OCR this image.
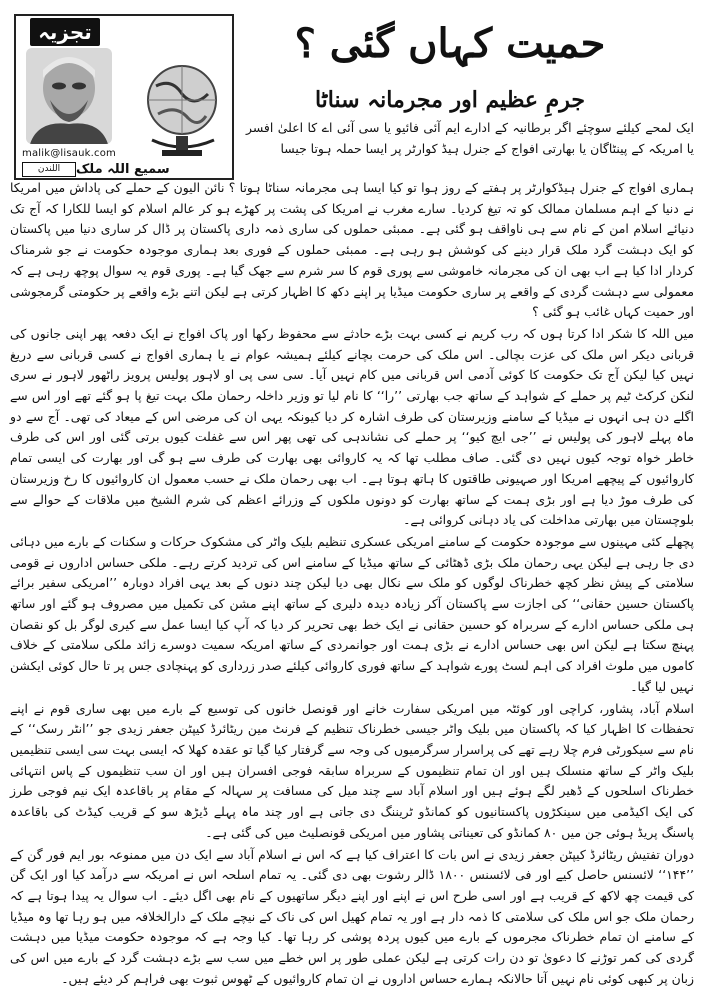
تجزیہ
malik@lisauk.com
اللندن	سمیع اللہ ملک
حمیت کہاں گئی ؟
جرمِ عظیم اور مجرمانہ سناٹا

ایک لمحے کیلئے سوچئے اگر برطانیہ کے ادارے ایم آئی فائیو یا سی آئی اے کا اعلیٰ افسر یا امریکہ کے پینٹاگان یا بھارتی افواج کے جنرل ہیڈ کوارٹر پر ایسا حملہ ہوتا جیسا

ہماری افواج کے جنرل ہیڈکوارٹر پر ہفتے کے روز ہوا تو کیا ایسا ہی مجرمانہ سناٹا ہوتا ؟ نائن الیون کے حملے کی پاداش میں امریکا نے دنیا کے اہم مسلمان ممالک کو تہ تیغ کردیا۔ سارے مغرب نے امریکا کی پشت پر کھڑے ہو کر عالم اسلام کو ایسا للکارا کہ آج تک دنیائے اسلام امن کے نام سے ہی ناواقف ہو گئی ہے۔ ممبئی حملوں کی ساری ذمہ داری پاکستان پر ڈال کر ساری دنیا میں پاکستان کو ایک دہشت گرد ملک قرار دینے کی کوشش ہو رہی ہے۔ ممبئی حملوں کے فوری بعد ہماری موجودہ حکومت نے جو شرمناک کردار ادا کیا ہے اب بھی ان کی مجرمانہ خاموشی سے پوری قوم کا سر شرم سے جھک گیا ہے۔ پوری قوم یہ سوال پوچھ رہی ہے کہ معمولی سے دہشت گردی کے واقعے پر ساری حکومت میڈیا پر اپنے دکھ کا اظہار کرتی ہے لیکن اتنے بڑے واقعے پر حکومتی گرمجوشی اور حمیت کہاں غائب ہو گئی ؟

میں اللہ کا شکر ادا کرتا ہوں کہ رب کریم نے کسی بہت بڑے حادثے سے محفوظ رکھا اور پاک افواج نے ایک دفعہ پھر اپنی جانوں کی قربانی دیکر اس ملک کی عزت بچالی۔ اس ملک کی حرمت بچانے کیلئے ہمیشہ عوام نے یا ہماری افواج نے کسی قربانی سے دریغ نہیں کیا لیکن آج تک حکومت کا کوئی آدمی اس قربانی میں کام نہیں آیا۔ سی سی پی او لاہور پولیس پرویز راٹھور لاہور نے سری لنکن کرکٹ ٹیم پر حملے کے شواہد کے ساتھ جب بھارتی ’’را‘‘ کا نام لیا تو وزیر داخلہ رحمان ملک بہت تیغ پا ہو گئے تھے اور اس سے اگلے دن ہی انہوں نے میڈیا کے سامنے وزیرستان کی طرف اشارہ کر دیا کیونکہ یہی ان کی مرضی اس کے میعاد کی تھی۔ آج سے دو ماہ پہلے لاہور کی پولیس نے ’’جی ایچ کیو‘‘ پر حملے کی نشاندہی کی تھی پھر اس سے غفلت کیوں برتی گئی اور اس کی طرف خاطر خواہ توجہ کیوں نہیں دی گئی۔ صاف مطلب تھا کہ یہ کاروائی بھی بھارت کی طرف سے ہو گی اور بھارت کی ایسی تمام کاروائیوں کے پیچھے امریکا اور صہیونی طاقتوں کا ہاتھ ہوتا ہے۔ اب بھی رحمان ملک نے حسب معمول ان کاروائیوں کا رخ وزیرستان کی طرف موڑ دیا ہے اور بڑی ہمت کے ساتھ بھارت کو دونوں ملکوں کے وزرائے اعظم کی شرم الشیخ میں ملاقات کے حوالے سے بلوچستان میں بھارتی مداخلت کی یاد دہانی کروائی ہے۔

پچھلے کئی مہینوں سے موجودہ حکومت کے سامنے امریکی عسکری تنظیم بلیک واٹر کی مشکوک حرکات و سکنات کے بارے میں دہائی دی جا رہی ہے لیکن یہی رحمان ملک بڑی ڈھٹائی کے ساتھ میڈیا کے سامنے اس کی تردید کرتے رہے۔ ملکی حساس اداروں نے قومی سلامتی کے پیش نظر کچھ خطرناک لوگوں کو ملک سے نکال بھی دیا لیکن چند دنوں کے بعد یہی افراد دوبارہ ’’امریکی سفیر برائے پاکستان حسین حقانی‘‘ کی اجازت سے پاکستان آکر زیادہ دیدہ دلیری کے ساتھ اپنے مشن کی تکمیل میں مصروف ہو گئے اور ساتھ ہی ملکی حساس ادارے کے سربراہ کو حسین حقانی نے ایک خط بھی تحریر کر دیا کہ آپ کیا ایسا عمل سے کیری لوگر بل کو نقصان پہنچ سکتا ہے لیکن اس بھی حساس ادارے نے بڑی ہمت اور جوانمردی کے ساتھ امریکہ سمیت دوسرے زائد ملکی سلامتی کے خلاف کاموں میں ملوث افراد کی اہم لسٹ پورے شواہد کے ساتھ فوری کاروائی کیلئے صدر زرداری کو پہنچادی جس پر تا حال کوئی ایکشن نہیں لیا گیا۔

اسلام آباد، پشاور، کراچی اور کوئٹہ میں امریکی سفارت خانے اور قونصل خانوں کی توسیع کے بارے میں بھی ساری قوم نے اپنے تحفظات کا اظہار کیا کہ پاکستان میں بلیک واٹر جیسی خطرناک تنظیم کے فرنٹ مین ریٹائرڈ کیپٹن جعفر زیدی جو ’’انٹر رسک‘‘ کے نام سے سیکورٹی فرم چلا رہے تھے کی پراسرار سرگرمیوں کی وجہ سے گرفتار کیا گیا تو عقدہ کھلا کہ ایسی بہت سی ایسی تنظیمیں بلیک واٹر کے ساتھ منسلک ہیں اور ان تمام تنظیموں کے سربراہ سابقہ فوجی افسران ہیں اور ان سب تنظیموں کے پاس انتہائی خطرناک اسلحوں کے ڈھیر لگے ہوئے ہیں اور اسلام آباد سے چند میل کی مسافت پر سہالہ کے مقام پر باقاعدہ ایک نیم فوجی طرز کی ایک اکیڈمی میں سینکڑوں پاکستانیوں کو کمانڈو ٹریننگ دی جاتی ہے اور چند ماہ پہلے ڈیڑھ سو کے قریب کیڈٹ کی باقاعدہ پاسنگ پریڈ ہوئی جن میں ۸۰ کمانڈو کی تعیناتی پشاور میں امریکی قونصلیٹ میں کی گئی ہے۔

دوران تفتیش ریٹائرڈ کیپٹن جعفر زیدی نے اس بات کا اعتراف کیا ہے کہ اس نے اسلام آباد سے ایک دن میں ممنوعہ بور ایم فور گن کے ’’۱۴۴‘‘ لائسنس حاصل کیے اور فی لائسنس ۱۸۰۰ ڈالر رشوت بھی دی گئی۔ یہ تمام اسلحہ اس نے امریکہ سے درآمد کیا اور ایک گن کی قیمت چھ لاکھ کے قریب ہے اور اسی طرح اس نے اپنے اور اپنے دیگر ساتھیوں کے نام بھی اگل دیئے۔ اب سوال یہ پیدا ہوتا ہے کہ رحمان ملک جو اس ملک کی سلامتی کا ذمہ دار ہے اور یہ تمام کھیل اس کی ناک کے نیچے ملک کے دارالخلافہ میں ہو رہا تھا وہ میڈیا کے سامنے ان تمام خطرناک مجرموں کے بارے میں کیوں پردہ پوشی کر رہا تھا۔ کیا وجہ ہے کہ موجودہ حکومت میڈیا میں دہشت گردی کی کمر توڑنے کا دعویٰ تو دن رات کرتی ہے لیکن عملی طور پر اس خطے میں سب سے بڑے دہشت گرد کے بارے میں اس کی زبان پر کبھی کوئی نام نہیں آتا حالانکہ ہمارے حساس اداروں نے ان تمام کاروائیوں کے ٹھوس ثبوت بھی فراہم کر دیئے ہیں۔
